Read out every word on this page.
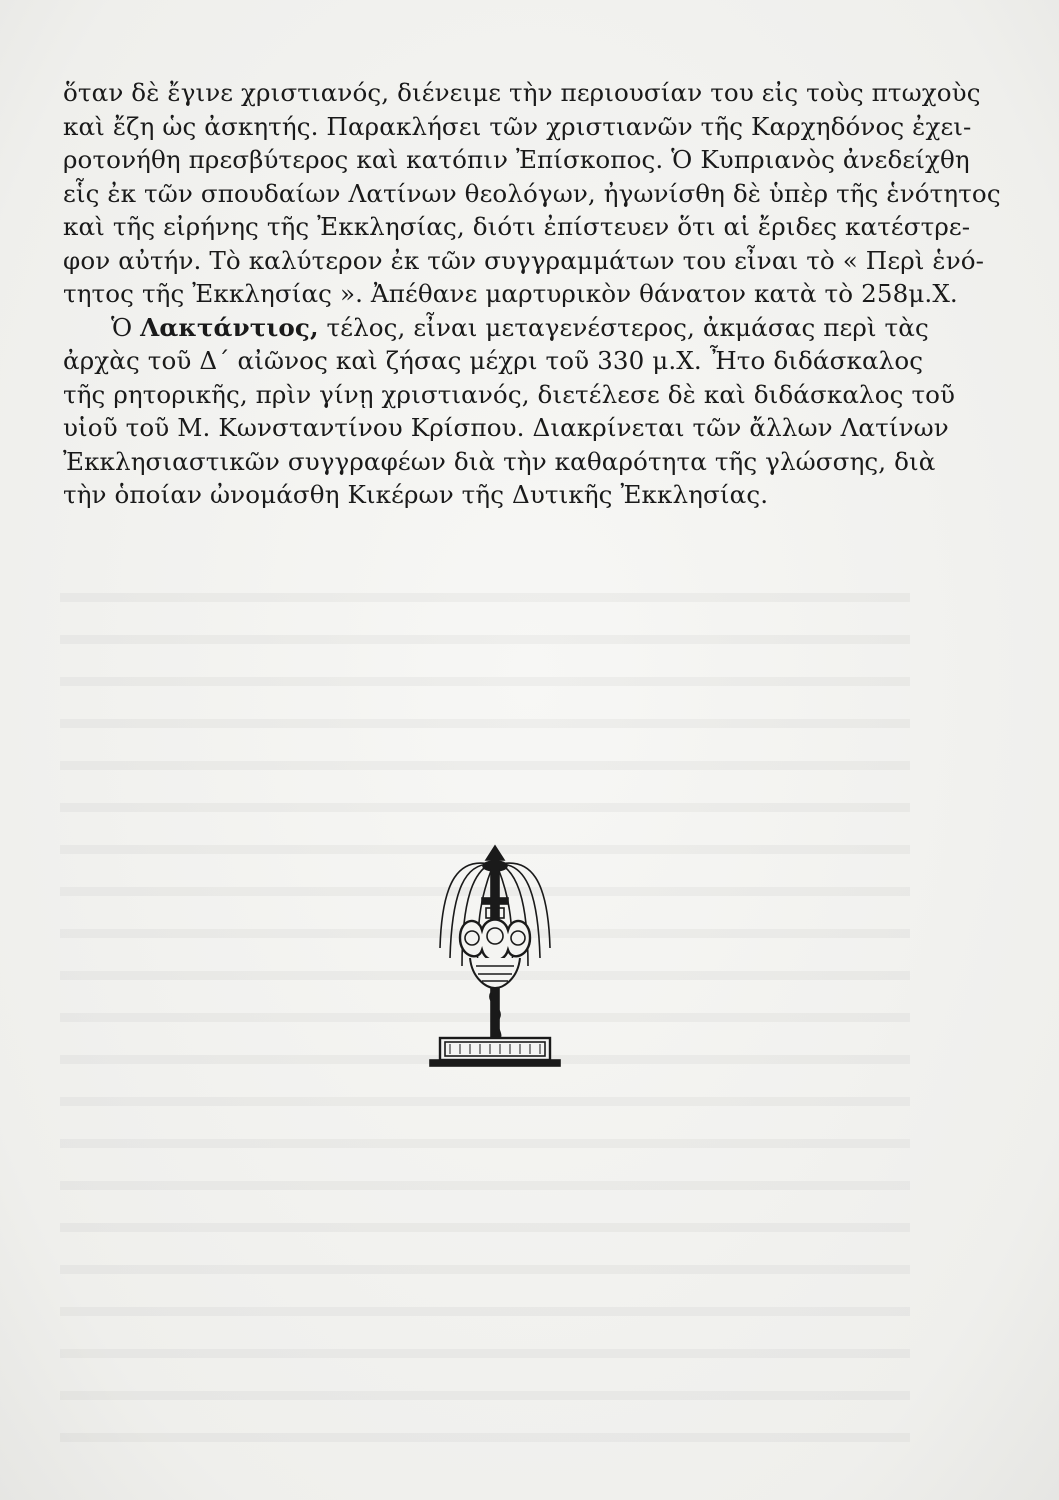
ὅταν δὲ ἔγινε χριστιανός, διένειμε τὴν περιουσίαν του εἰς τοὺς πτωχοὺς
καὶ ἔζη ὡς ἀσκητής. Παρακλήσει τῶν χριστιανῶν τῆς Καρχηδόνος ἐχει-
ροτονήθη πρεσβύτερος καὶ κατόπιν Ἐπίσκοπος. Ὁ Κυπριανὸς ἀνεδείχθη
εἷς ἐκ τῶν σπουδαίων Λατίνων θεολόγων, ἠγωνίσθη δὲ ὑπὲρ τῆς ἑνότητος
καὶ τῆς εἰρήνης τῆς Ἐκκλησίας, διότι ἐπίστευεν ὅτι αἱ ἔριδες κατέστρε-
φον αὐτήν. Τὸ καλύτερον ἐκ τῶν συγγραμμάτων του εἶναι τὸ « Περὶ ἑνό-
τητος τῆς Ἐκκλησίας ». Ἀπέθανε μαρτυρικὸν θάνατον κατὰ τὸ 258μ.Χ.
Ὁ Λακτάντιος, τέλος, εἶναι μεταγενέστερος, ἀκμάσας περὶ τὰς
ἀρχὰς τοῦ Δ΄ αἰῶνος καὶ ζήσας μέχρι τοῦ 330 μ.Χ. Ἦτο διδάσκαλος
τῆς ρητορικῆς, πρὶν γίνῃ χριστιανός, διετέλεσε δὲ καὶ διδάσκαλος τοῦ
υἱοῦ τοῦ Μ. Κωνσταντίνου Κρίσπου. Διακρίνεται τῶν ἄλλων Λατίνων
Ἐκκλησιαστικῶν συγγραφέων διὰ τὴν καθαρότητα τῆς γλώσσης, διὰ
τὴν ὁποίαν ὠνομάσθη Κικέρων τῆς Δυτικῆς Ἐκκλησίας.
